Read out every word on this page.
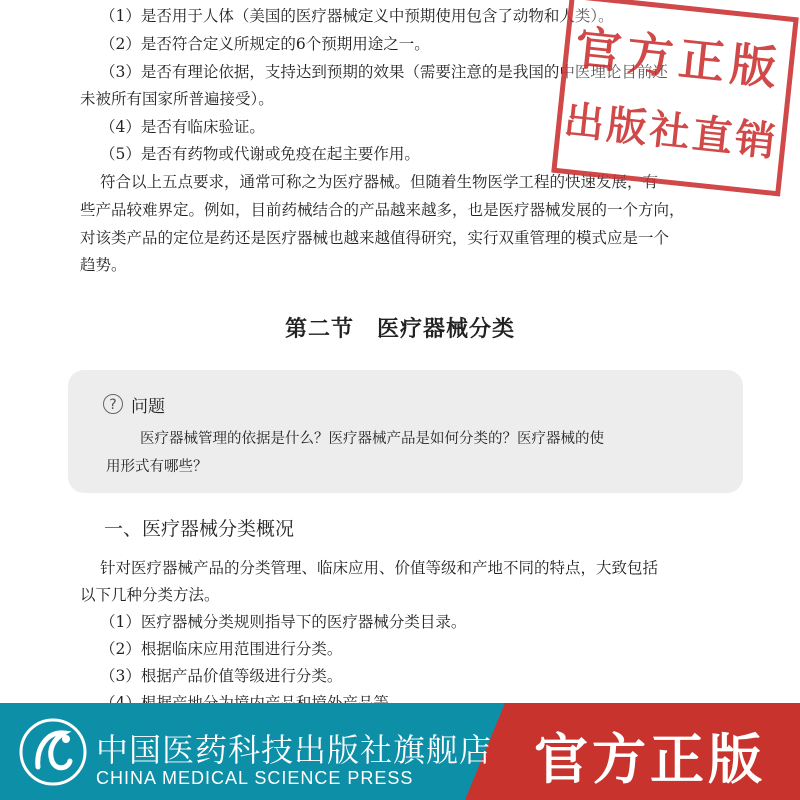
（1）是否用于人体（美国的医疗器械定义中预期使用包含了动物和人类）。
（2）是否符合定义所规定的6个预期用途之一。
（3）是否有理论依据，支持达到预期的效果（需要注意的是我国的中医理论目前还
未被所有国家所普遍接受）。
（4）是否有临床验证。
（5）是否有药物或代谢或免疫在起主要作用。
符合以上五点要求，通常可称之为医疗器械。但随着生物医学工程的快速发展，有
些产品较难界定。例如，目前药械结合的产品越来越多，也是医疗器械发展的一个方向，
对该类产品的定位是药还是医疗器械也越来越值得研究，实行双重管理的模式应是一个
趋势。
第二节　医疗器械分类
? 问题
医疗器械管理的依据是什么？医疗器械产品是如何分类的？医疗器械的使
用形式有哪些？
一、医疗器械分类概况
针对医疗器械产品的分类管理、临床应用、价值等级和产地不同的特点，大致包括
以下几种分类方法。
（1）医疗器械分类规则指导下的医疗器械分类目录。
（2）根据临床应用范围进行分类。
（3）根据产品价值等级进行分类。
官方正版
出版社直销
中国医药科技出版社旗舰店
CHINA MEDICAL SCIENCE PRESS	官方正版
